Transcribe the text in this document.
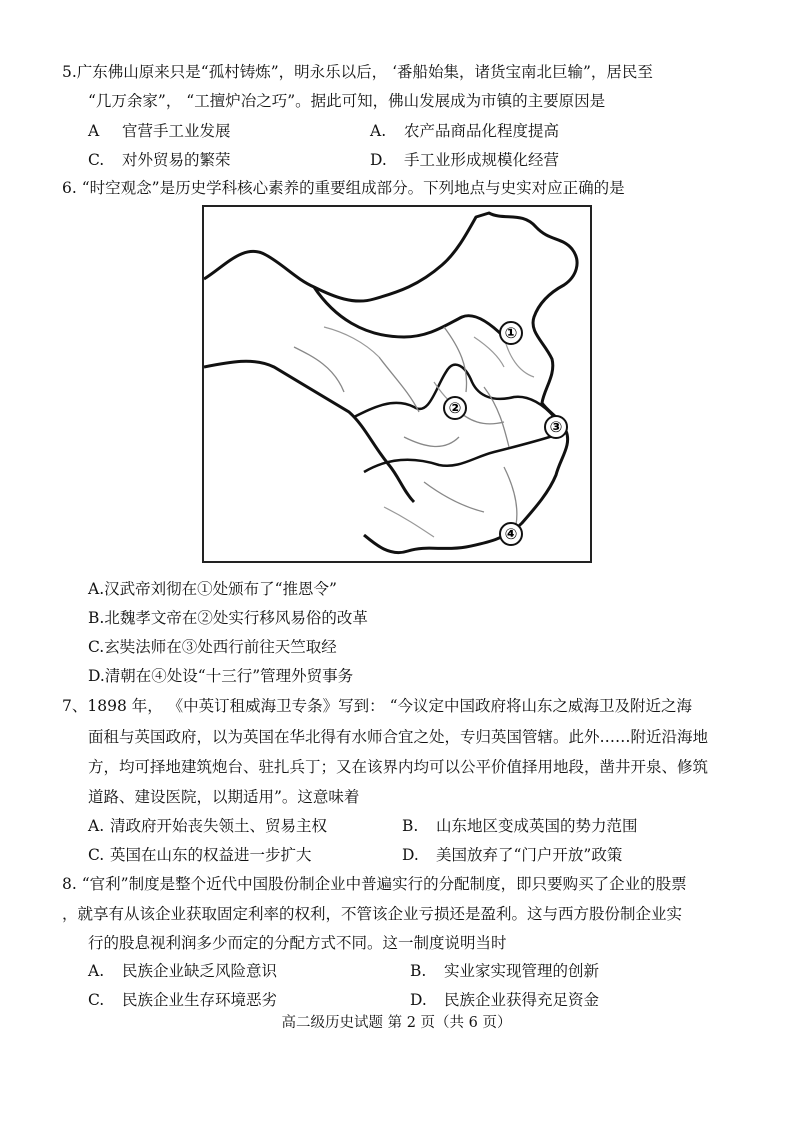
5.广东佛山原来只是“孤村铸炼”，明永乐以后， ‘番船始集，诸货宝南北巨输”，居民至
“几万余家”， “工擅炉冶之巧”。据此可知，佛山发展成为市镇的主要原因是
A 官营手工业发展	A. 农产品商品化程度提高
C. 对外贸易的繁荣	D. 手工业形成规模化经营
6. “时空观念”是历史学科核心素养的重要组成部分。下列地点与史实对应正确的是
①
②
③
④
A.汉武帝刘彻在①处颁布了“推恩令”
B.北魏孝文帝在②处实行移风易俗的改革
C.玄奘法师在③处西行前往天竺取经
D.清朝在④处设“十三行”管理外贸事务
7、1898 年， 《中英订租威海卫专条》写到： “今议定中国政府将山东之威海卫及附近之海
面租与英国政府，以为英国在华北得有水师合宜之处，专归英国管辖。此外……附近沿海地
方，均可择地建筑炮台、驻扎兵丁；又在该界内均可以公平价值择用地段，凿井开泉、修筑
道路、建设医院，以期适用”。这意味着
A. 清政府开始丧失领土、贸易主权	B. 山东地区变成英国的势力范围
C. 英国在山东的权益进一步扩大	D. 美国放弃了“门户开放”政策
8. “官利”制度是整个近代中国股份制企业中普遍实行的分配制度，即只要购买了企业的股票
，就享有从该企业获取固定利率的权利，不管该企业亏损还是盈利。这与西方股份制企业实
行的股息视利润多少而定的分配方式不同。这一制度说明当时
A. 民族企业缺乏风险意识	B. 实业家实现管理的创新
C. 民族企业生存环境恶劣	D. 民族企业获得充足资金
高二级历史试题 第 2 页（共 6 页）
